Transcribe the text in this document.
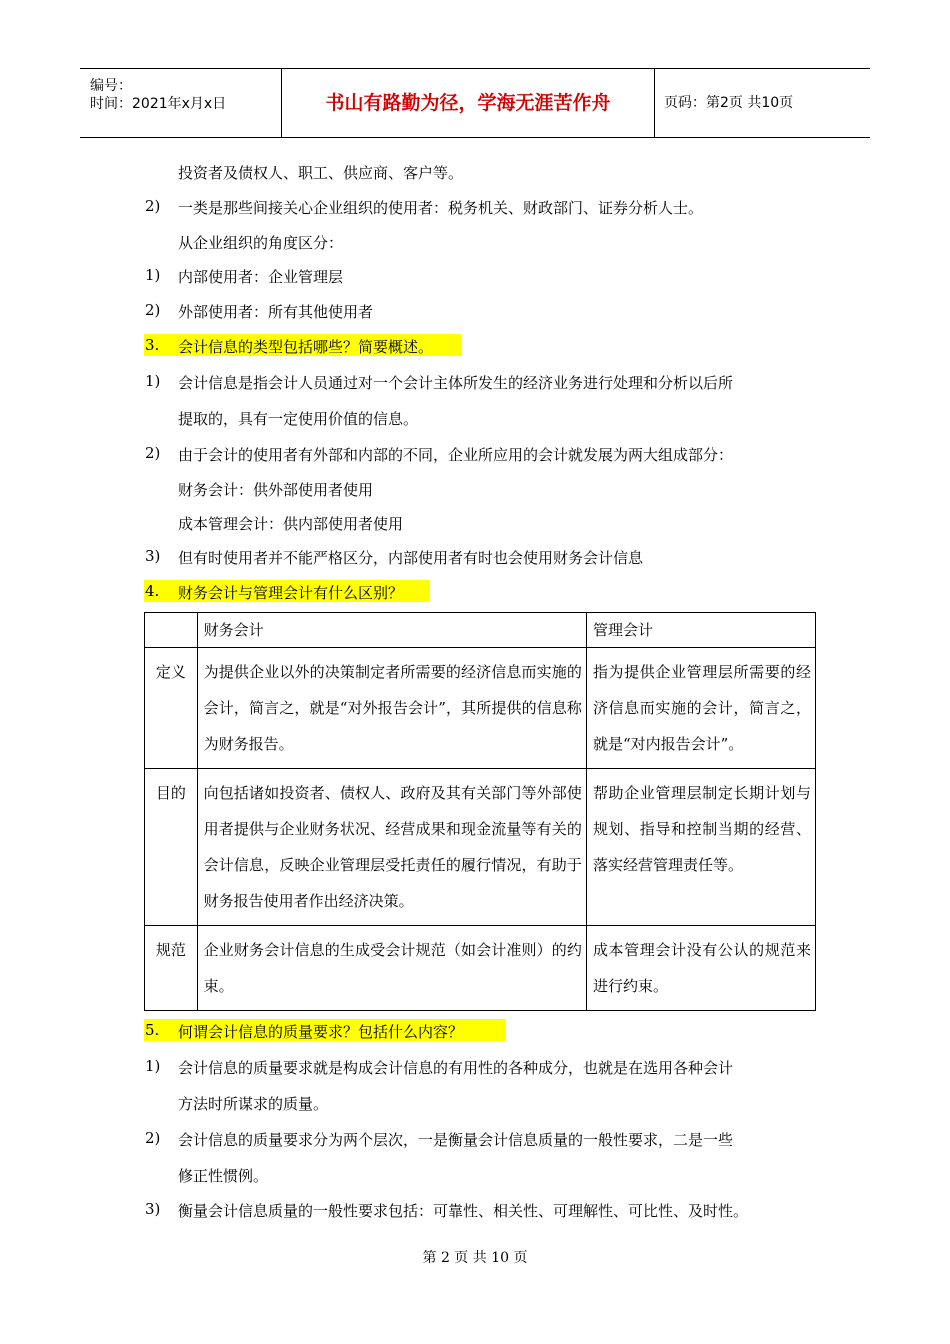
编号：
时间：2021年x月x日	书山有路勤为径，学海无涯苦作舟	页码：第2页 共10页
投资者及债权人、职工、供应商、客户等。
2) 一类是那些间接关心企业组织的使用者：税务机关、财政部门、证券分析人士。
从企业组织的角度区分：
1) 内部使用者：企业管理层
2) 外部使用者：所有其他使用者
3. 会计信息的类型包括哪些？简要概述。
1) 会计信息是指会计人员通过对一个会计主体所发生的经济业务进行处理和分析以后所
提取的，具有一定使用价值的信息。
2) 由于会计的使用者有外部和内部的不同，企业所应用的会计就发展为两大组成部分：
财务会计：供外部使用者使用
成本管理会计：供内部使用者使用
3) 但有时使用者并不能严格区分，内部使用者有时也会使用财务会计信息
4. 财务会计与管理会计有什么区别？
	财务会计	管理会计
定义	为提供企业以外的决策制定者所需要的经济信息而实施的会计，简言之，就是“对外报告会计”，其所提供的信息称为财务报告。	指为提供企业管理层所需要的经济信息而实施的会计，简言之，就是“对内报告会计”。
目的	向包括诸如投资者、债权人、政府及其有关部门等外部使用者提供与企业财务状况、经营成果和现金流量等有关的会计信息，反映企业管理层受托责任的履行情况，有助于财务报告使用者作出经济决策。	帮助企业管理层制定长期计划与规划、指导和控制当期的经营、落实经营管理责任等。
规范	企业财务会计信息的生成受会计规范（如会计准则）的约束。	成本管理会计没有公认的规范来进行约束。
5. 何谓会计信息的质量要求？包括什么内容？
1) 会计信息的质量要求就是构成会计信息的有用性的各种成分，也就是在选用各种会计
方法时所谋求的质量。
2) 会计信息的质量要求分为两个层次，一是衡量会计信息质量的一般性要求，二是一些
修正性惯例。
3) 衡量会计信息质量的一般性要求包括：可靠性、相关性、可理解性、可比性、及时性。
第 2 页 共 10 页
